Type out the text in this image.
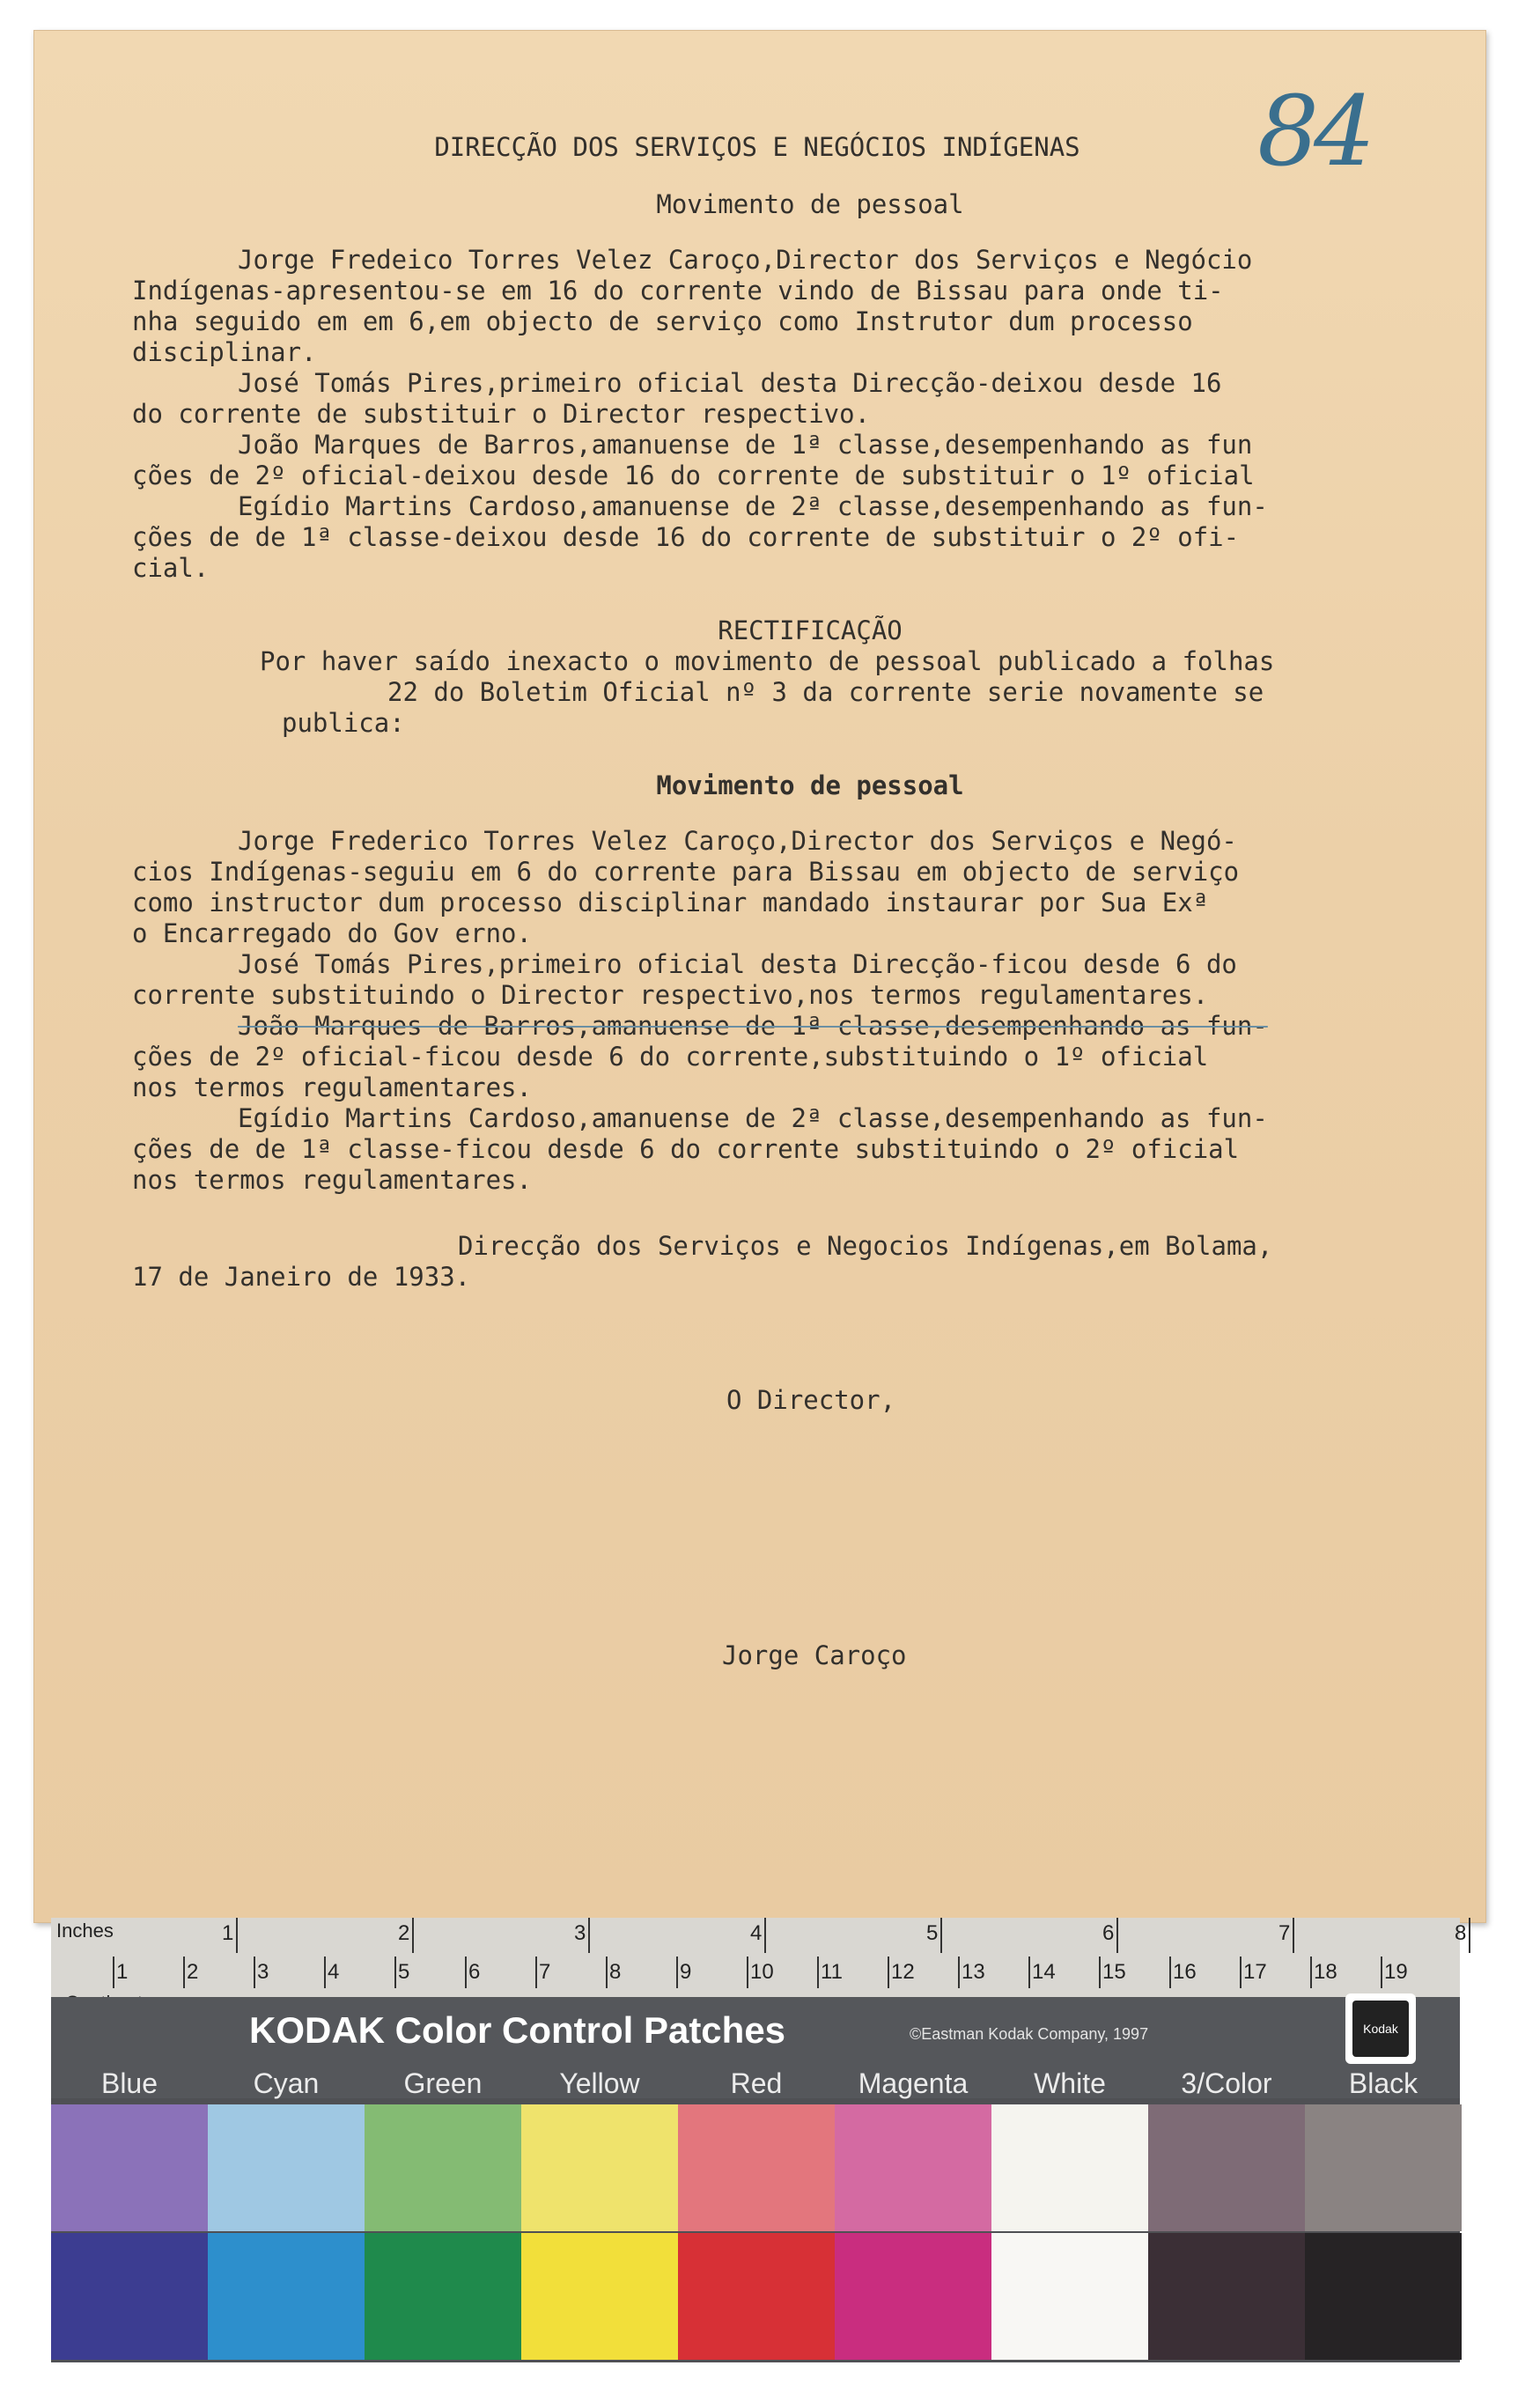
84
DIRECÇÃO DOS SERVIÇOS E NEGÓCIOS INDÍGENAS
Movimento de pessoal
Jorge Fredeico Torres Velez Caroço,Director dos Serviços e Negócio
Indígenas-apresentou-se em 16 do corrente vindo de Bissau para onde ti-
nha seguido em em 6,em objecto de serviço como Instrutor dum processo
disciplinar.
José Tomás Pires,primeiro oficial desta Direcção-deixou desde 16
do corrente de substituir o Director respectivo.
João Marques de Barros,amanuense de 1ª classe,desempenhando as fun
ções de 2º oficial-deixou desde 16 do corrente de substituir o 1º oficial
Egídio Martins Cardoso,amanuense de 2ª classe,desempenhando as fun-
ções de de 1ª classe-deixou desde 16 do corrente de substituir o 2º ofi-
cial.
RECTIFICAÇÃO
Por haver saído inexacto o movimento de pessoal publicado a folhas
22 do Boletim Oficial nº 3 da corrente serie novamente se
publica:
Movimento de pessoal
Jorge Frederico Torres Velez Caroço,Director dos Serviços e Negó-
cios Indígenas-seguiu em 6 do corrente para Bissau em objecto de serviço
como instructor dum processo disciplinar mandado instaurar por Sua Exª
o Encarregado do Gov erno.
José Tomás Pires,primeiro oficial desta Direcção-ficou desde 6 do
corrente substituindo o Director respectivo,nos termos regulamentares.
João Marques de Barros,amanuense de 1ª classe,desempenhando as fun-
ções de 2º oficial-ficou desde 6 do corrente,substituindo o 1º oficial
nos termos regulamentares.
Egídio Martins Cardoso,amanuense de 2ª classe,desempenhando as fun-
ções de de 1ª classe-ficou desde 6 do corrente substituindo o 2º oficial
nos termos regulamentares.
Direcção dos Serviços e Negocios Indígenas,em Bolama,
17 de Janeiro de 1933.
O Director,
Jorge Caroço
Inches	1	2	3	4	5	6	7	8
1	2	3	4	5	6	7	8	9	10 11 12 13 14 15 16 17 18 19
KODAK Color Control Patches	©Eastman Kodak Company, 1997	Kodak
Blue	Cyan	Green	Yellow	Red	Magenta	White	3/Color	Black
